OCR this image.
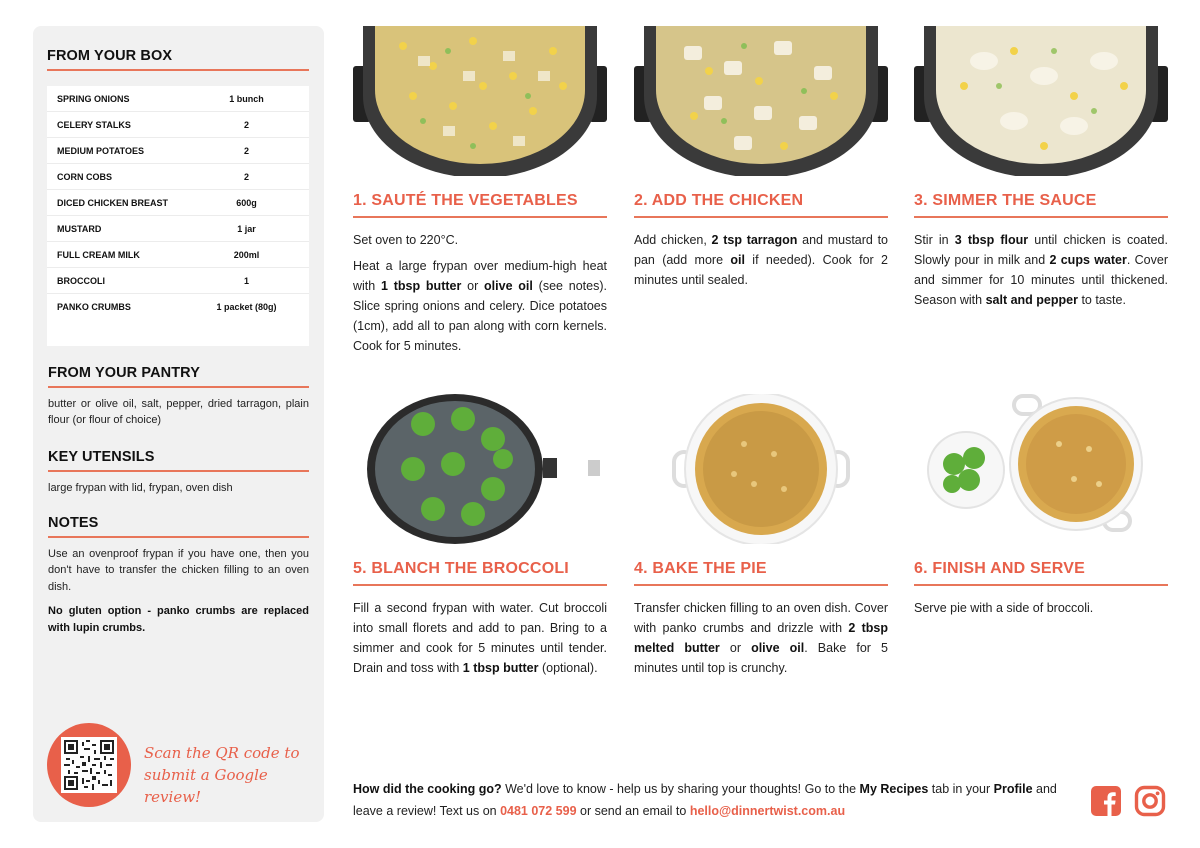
FROM YOUR BOX
SPRING ONIONS	1 bunch
CELERY STALKS	2
MEDIUM POTATOES	2
CORN COBS	2
DICED CHICKEN BREAST	600g
MUSTARD	1 jar
FULL CREAM MILK	200ml
BROCCOLI	1
PANKO CRUMBS	1 packet (80g)
FROM YOUR PANTRY
butter or olive oil, salt, pepper, dried tarragon, plain flour (or flour of choice)
KEY UTENSILS
large frypan with lid, frypan, oven dish
NOTES
Use an ovenproof frypan if you have one, then you don't have to transfer the chicken filling to an oven dish.
No gluten option - panko crumbs are replaced with lupin crumbs.
Scan the QR code to
submit a Google review!
1. SAUTÉ THE VEGETABLES

Set oven to 220°C.

Heat a large frypan over medium-high heat with 1 tbsp butter or olive oil (see notes). Slice spring onions and celery. Dice potatoes (1cm), add all to pan along with corn kernels. Cook for 5 minutes.

2. ADD THE CHICKEN

Add chicken, 2 tsp tarragon and mustard to pan (add more oil if needed). Cook for 2 minutes until sealed.

3. SIMMER THE SAUCE

Stir in 3 tbsp flour until chicken is coated. Slowly pour in milk and 2 cups water. Cover and simmer for 10 minutes until thickened. Season with salt and pepper to taste.

5. BLANCH THE BROCCOLI

Fill a second frypan with water. Cut broccoli into small florets and add to pan. Bring to a simmer and cook for 5 minutes until tender. Drain and toss with 1 tbsp butter (optional).

4. BAKE THE PIE

Transfer chicken filling to an oven dish. Cover with panko crumbs and drizzle with 2 tbsp melted butter or olive oil. Bake for 5 minutes until top is crunchy.

6. FINISH AND SERVE

Serve pie with a side of broccoli.

How did the cooking go? We'd love to know - help us by sharing your thoughts! Go to the My Recipes tab in your Profile and leave a review! Text us on 0481 072 599 or send an email to hello@dinnertwist.com.au
